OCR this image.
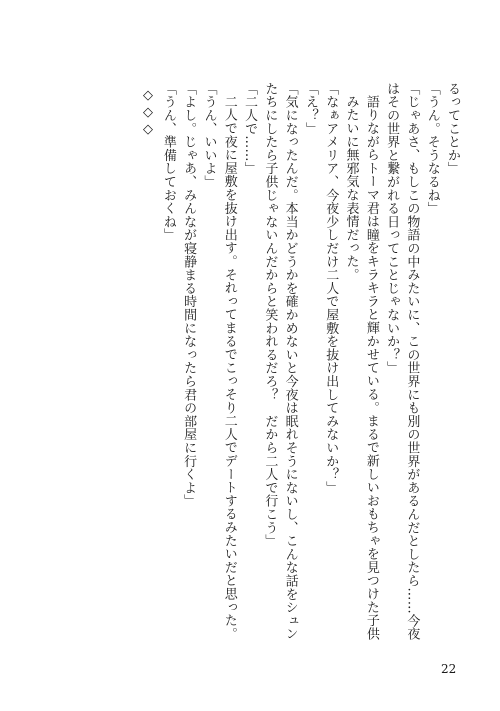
るってことか」
「うん。そうなるね」
「じゃあさ、もしこの物語の中みたいに、この世界にも別の世界があるんだとしたら……今夜はその世界と繋がれる日ってことじゃないか？」
語りながらトーマ君は瞳をキラキラと輝かせている。まるで新しいおもちゃを見つけた子供みたいに無邪気な表情だった。
「なぁアメリア、今夜少しだけ二人で屋敷を抜け出してみないか？」
「え？」
「気になったんだ。本当かどうかを確かめないと今夜は眠れそうにないし、こんな話をシュンたちにしたら子供じゃないんだからと笑われるだろ？　だから二人で行こう」
「二人で……」
二人で夜に屋敷を抜け出す。それってまるでこっそり二人でデートするみたいだと思った。
「うん、いいよ」
「よし。じゃあ、みんなが寝静まる時間になったら君の部屋に行くよ」
「うん、準備しておくね」
◇◇◇
22
